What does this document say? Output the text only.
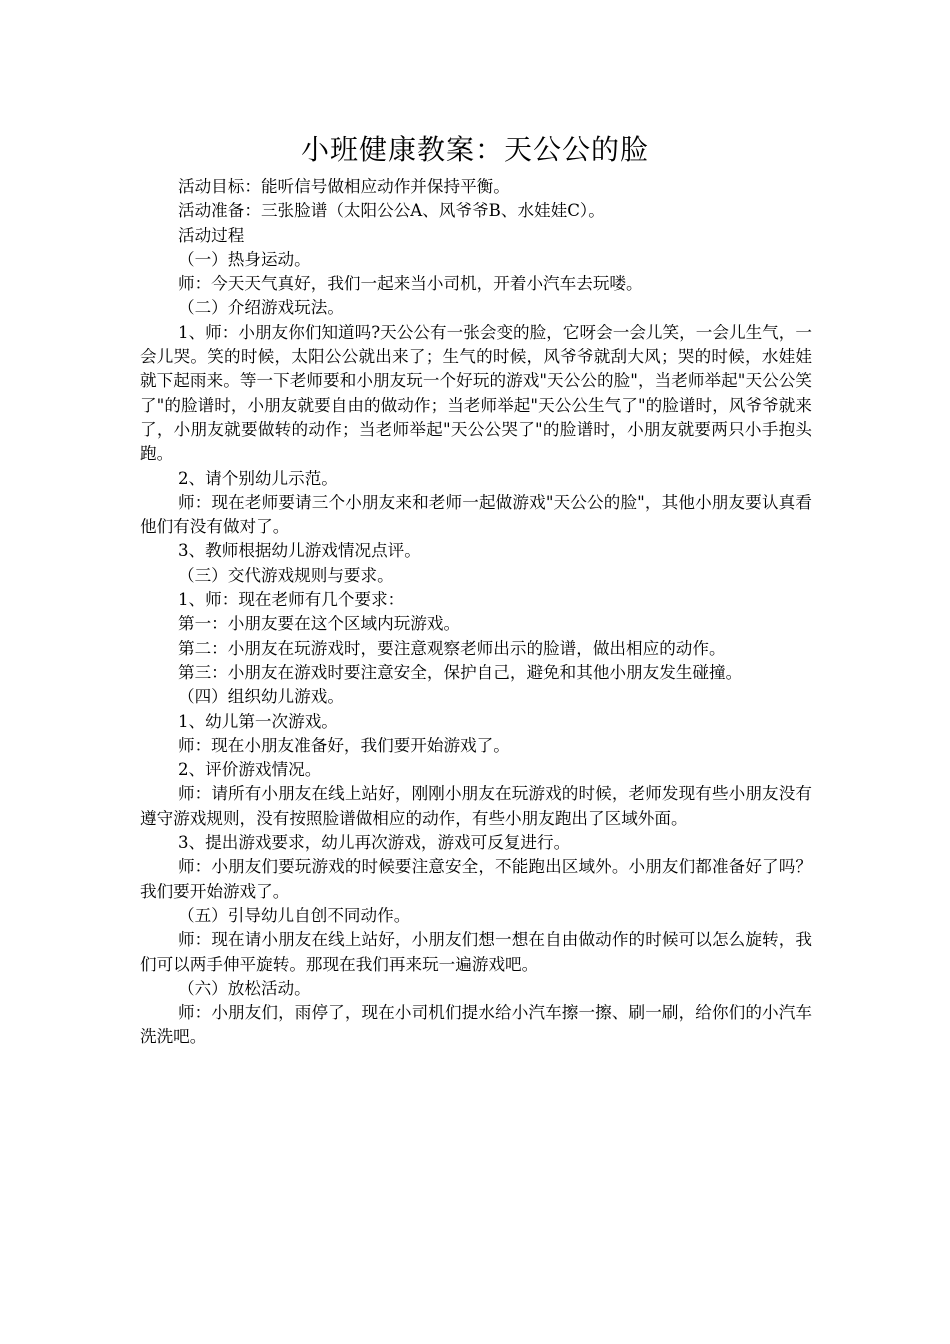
小班健康教案：天公公的脸

活动目标：能听信号做相应动作并保持平衡。

活动准备：三张脸谱（太阳公公A、风爷爷B、水娃娃C）。

活动过程

（一）热身运动。

师：今天天气真好，我们一起来当小司机，开着小汽车去玩喽。

（二）介绍游戏玩法。

1、师：小朋友你们知道吗?天公公有一张会变的脸，它呀会一会儿笑，一会儿生气，一会儿哭。笑的时候，太阳公公就出来了；生气的时候，风爷爷就刮大风；哭的时候，水娃娃就下起雨来。等一下老师要和小朋友玩一个好玩的游戏"天公公的脸"，当老师举起"天公公笑了"的脸谱时，小朋友就要自由的做动作；当老师举起"天公公生气了"的脸谱时，风爷爷就来了，小朋友就要做转的动作；当老师举起"天公公哭了"的脸谱时，小朋友就要两只小手抱头跑。

2、请个别幼儿示范。

师：现在老师要请三个小朋友来和老师一起做游戏"天公公的脸"，其他小朋友要认真看他们有没有做对了。

3、教师根据幼儿游戏情况点评。

（三）交代游戏规则与要求。

1、师：现在老师有几个要求：

第一：小朋友要在这个区域内玩游戏。

第二：小朋友在玩游戏时，要注意观察老师出示的脸谱，做出相应的动作。

第三：小朋友在游戏时要注意安全，保护自己，避免和其他小朋友发生碰撞。

（四）组织幼儿游戏。

1、幼儿第一次游戏。

师：现在小朋友准备好，我们要开始游戏了。

2、评价游戏情况。

师：请所有小朋友在线上站好，刚刚小朋友在玩游戏的时候，老师发现有些小朋友没有遵守游戏规则，没有按照脸谱做相应的动作，有些小朋友跑出了区域外面。

3、提出游戏要求，幼儿再次游戏，游戏可反复进行。

师：小朋友们要玩游戏的时候要注意安全，不能跑出区域外。小朋友们都准备好了吗？我们要开始游戏了。

（五）引导幼儿自创不同动作。

师：现在请小朋友在线上站好，小朋友们想一想在自由做动作的时候可以怎么旋转，我们可以两手伸平旋转。那现在我们再来玩一遍游戏吧。

（六）放松活动。

师：小朋友们，雨停了，现在小司机们提水给小汽车擦一擦、刷一刷，给你们的小汽车洗洗吧。
